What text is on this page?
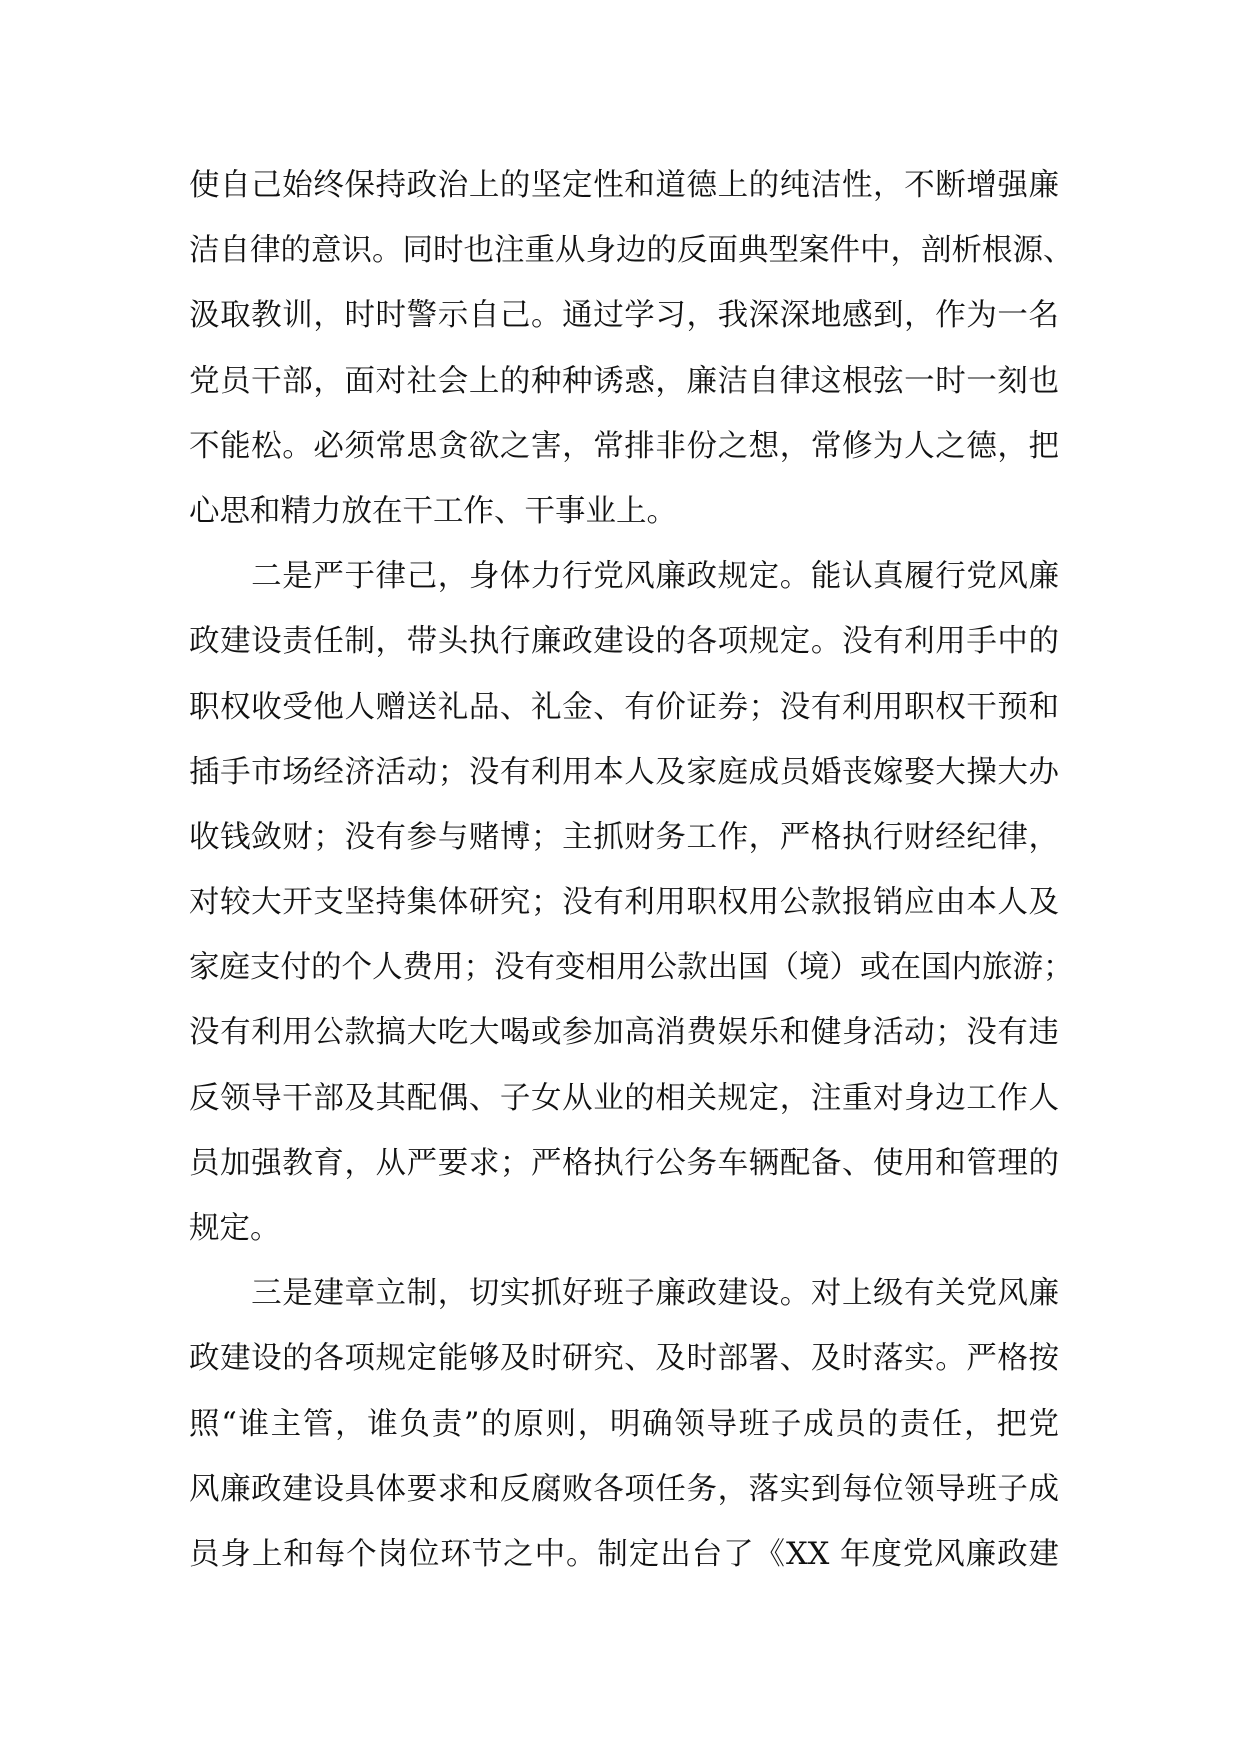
使自己始终保持政治上的坚定性和道德上的纯洁性，不断增强廉
洁自律的意识。同时也注重从身边的反面典型案件中，剖析根源、
汲取教训，时时警示自己。通过学习，我深深地感到，作为一名
党员干部，面对社会上的种种诱惑，廉洁自律这根弦一时一刻也
不能松。必须常思贪欲之害，常排非份之想，常修为人之德，把
心思和精力放在干工作、干事业上。
　　二是严于律己，身体力行党风廉政规定。能认真履行党风廉
政建设责任制，带头执行廉政建设的各项规定。没有利用手中的
职权收受他人赠送礼品、礼金、有价证券；没有利用职权干预和
插手市场经济活动；没有利用本人及家庭成员婚丧嫁娶大操大办
收钱敛财；没有参与赌博；主抓财务工作，严格执行财经纪律，
对较大开支坚持集体研究；没有利用职权用公款报销应由本人及
家庭支付的个人费用；没有变相用公款出国（境）或在国内旅游；
没有利用公款搞大吃大喝或参加高消费娱乐和健身活动；没有违
反领导干部及其配偶、子女从业的相关规定，注重对身边工作人
员加强教育，从严要求；严格执行公务车辆配备、使用和管理的
规定。
　　三是建章立制，切实抓好班子廉政建设。对上级有关党风廉
政建设的各项规定能够及时研究、及时部署、及时落实。严格按
照“谁主管，谁负责”的原则，明确领导班子成员的责任，把党
风廉政建设具体要求和反腐败各项任务，落实到每位领导班子成
员身上和每个岗位环节之中。制定出台了《XX 年度党风廉政建
